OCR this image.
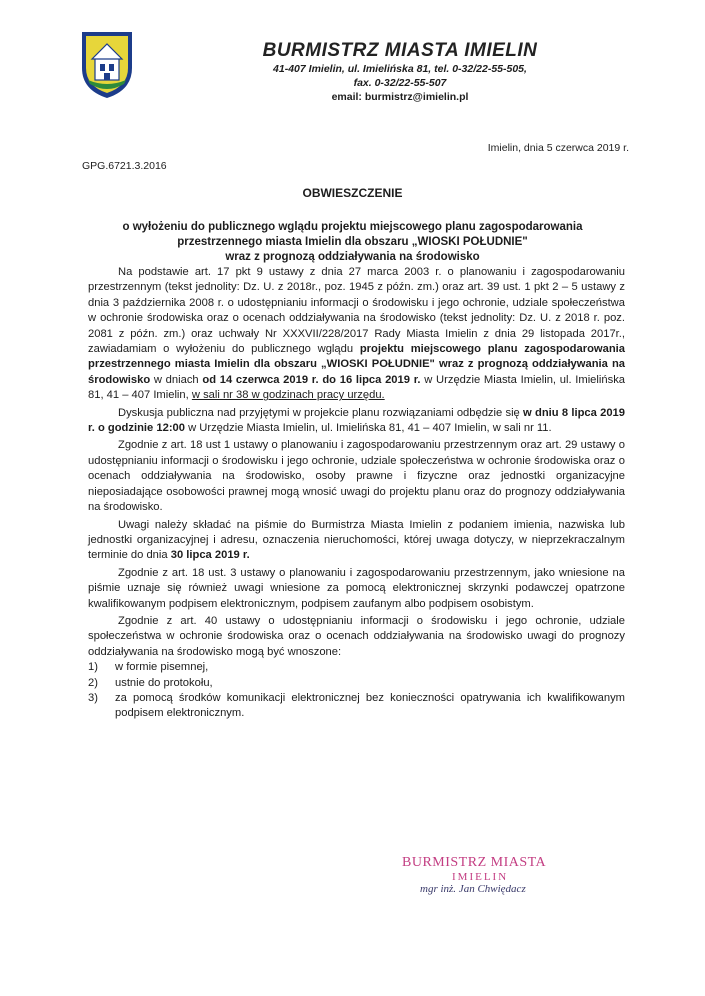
BURMISTRZ MIASTA IMIELIN
41-407 Imielin, ul. Imielińska 81, tel. 0-32/22-55-505,
fax. 0-32/22-55-507
email: burmistrz@imielin.pl
Imielin, dnia 5 czerwca 2019 r.
GPG.6721.3.2016
OBWIESZCZENIE
o wyłożeniu do publicznego wglądu projektu miejscowego planu zagospodarowania
przestrzennego miasta Imielin dla obszaru „WIOSKI POŁUDNIE"
wraz z prognozą oddziaływania na środowisko

Na podstawie art. 17 pkt 9 ustawy z dnia 27 marca 2003 r. o planowaniu i zagospodarowaniu przestrzennym (tekst jednolity: Dz. U. z 2018r., poz. 1945 z późn. zm.) oraz art. 39 ust. 1 pkt 2 – 5 ustawy z dnia 3 października 2008 r. o udostępnianiu informacji o środowisku i jego ochronie, udziale społeczeństwa w ochronie środowiska oraz o ocenach oddziaływania na środowisko (tekst jednolity: Dz. U. z 2018 r. poz. 2081 z późn. zm.) oraz uchwały Nr XXXVII/228/2017 Rady Miasta Imielin z dnia 29 listopada 2017r., zawiadamiam o wyłożeniu do publicznego wglądu projektu miejscowego planu zagospodarowania przestrzennego miasta Imielin dla obszaru „WIOSKI POŁUDNIE" wraz z prognozą oddziaływania na środowisko w dniach od 14 czerwca 2019 r. do 16 lipca 2019 r. w Urzędzie Miasta Imielin, ul. Imielińska 81, 41 – 407 Imielin, w sali nr 38 w godzinach pracy urzędu.

Dyskusja publiczna nad przyjętymi w projekcie planu rozwiązaniami odbędzie się w dniu 8 lipca 2019 r. o godzinie 12:00 w Urzędzie Miasta Imielin, ul. Imielińska 81, 41 – 407 Imielin, w sali nr 11.

Zgodnie z art. 18 ust 1 ustawy o planowaniu i zagospodarowaniu przestrzennym oraz art. 29 ustawy o udostępnianiu informacji o środowisku i jego ochronie, udziale społeczeństwa w ochronie środowiska oraz o ocenach oddziaływania na środowisko, osoby prawne i fizyczne oraz jednostki organizacyjne nieposiadające osobowości prawnej mogą wnosić uwagi do projektu planu oraz do prognozy oddziaływania na środowisko.

Uwagi należy składać na piśmie do Burmistrza Miasta Imielin z podaniem imienia, nazwiska lub jednostki organizacyjnej i adresu, oznaczenia nieruchomości, której uwaga dotyczy, w nieprzekraczalnym terminie do dnia 30 lipca 2019 r.

Zgodnie z art. 18 ust. 3 ustawy o planowaniu i zagospodarowaniu przestrzennym, jako wniesione na piśmie uznaje się również uwagi wniesione za pomocą elektronicznej skrzynki podawczej opatrzone kwalifikowanym podpisem elektronicznym, podpisem zaufanym albo podpisem osobistym.

Zgodnie z art. 40 ustawy o udostępnianiu informacji o środowisku i jego ochronie, udziale społeczeństwa w ochronie środowiska oraz o ocenach oddziaływania na środowisko uwagi do prognozy oddziaływania na środowisko mogą być wnoszone:

1)	w formie pisemnej,
2)	ustnie do protokołu,
3)	za pomocą środków komunikacji elektronicznej bez konieczności opatrywania ich kwalifikowanym podpisem elektronicznym.
BURMISTRZ MIASTA
IMIELIN
mgr inż. Jan Chwiędacz
